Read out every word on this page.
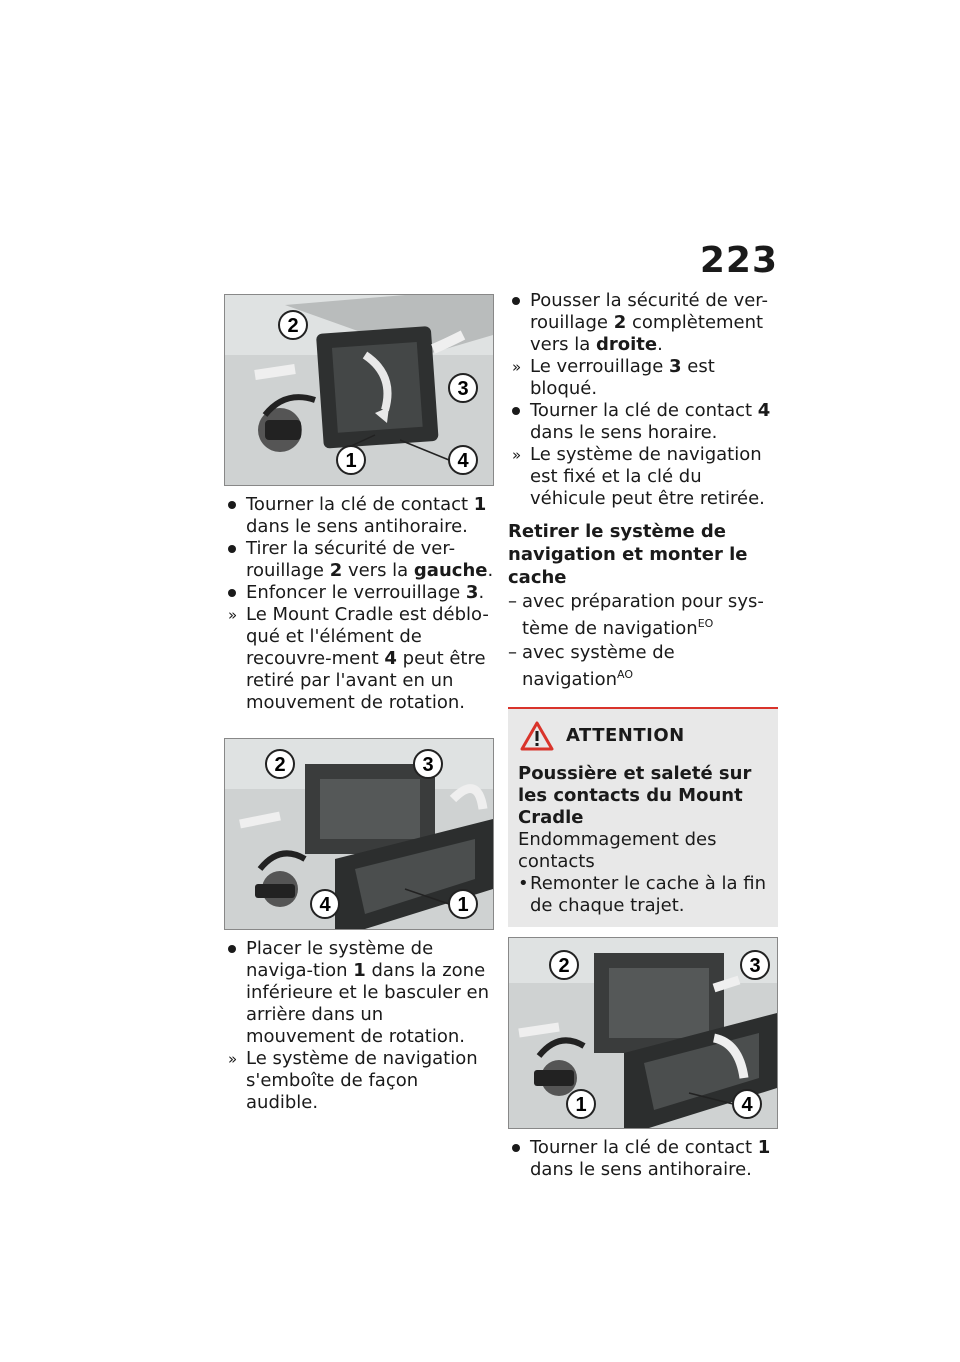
223
2
3
1	4
Tourner la clé de contact 1 dans le sens antihoraire.
Tirer la sécurité de ver-rouillage 2 vers la gauche.
Enfoncer le verrouillage 3.
» Le Mount Cradle est déblo-qué et l'élément de recouvre-ment 4 peut être retiré par l'avant en un mouvement de rotation.
2	3
4	1
Placer le système de naviga-tion 1 dans la zone inférieure et le basculer en arrière dans un mouvement de rotation.
» Le système de navigation s'emboîte de façon audible.
Pousser la sécurité de ver-rouillage 2 complètement vers la droite.
» Le verrouillage 3 est bloqué.
Tourner la clé de contact 4 dans le sens horaire.
» Le système de navigation est fixé et la clé du véhicule peut être retirée.
Retirer le système de navigation et monter le cache
– avec préparation pour sys-tème de navigation$^{EO}$
– avec système de navigation$^{AO}$
ATTENTION
Poussière et saleté sur les contacts du Mount Cradle
Endommagement des contacts
• Remonter le cache à la fin de chaque trajet.
2	3
1	4
Tourner la clé de contact 1 dans le sens antihoraire.
